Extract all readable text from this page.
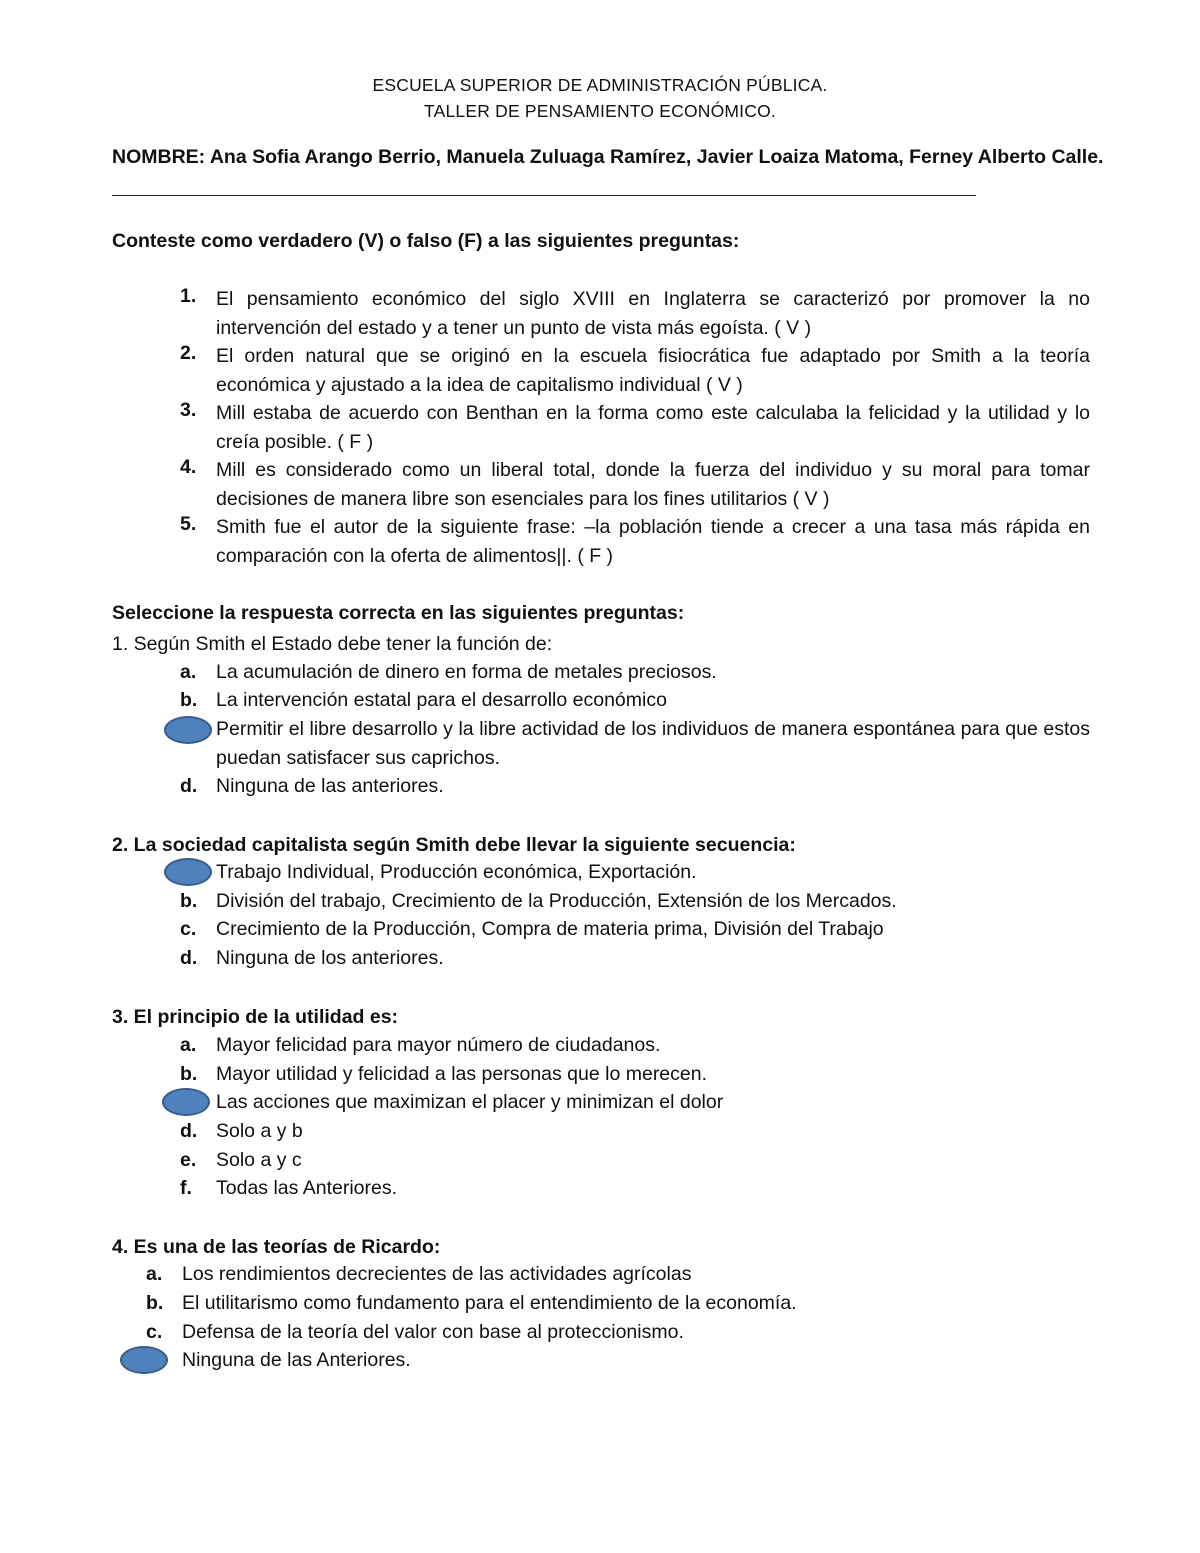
ESCUELA SUPERIOR DE ADMINISTRACIÓN PÚBLICA.
TALLER DE PENSAMIENTO ECONÓMICO.
NOMBRE: Ana Sofia Arango Berrio, Manuela Zuluaga Ramírez, Javier Loaiza Matoma, Ferney Alberto Calle.
Conteste como verdadero (V) o falso (F) a las siguientes preguntas:
1. El pensamiento económico del siglo XVIII en Inglaterra se caracterizó por promover la no intervención del estado y a tener un punto de vista más egoísta. ( V )
2. El orden natural que se originó en la escuela fisiocrática fue adaptado por Smith a la teoría económica y ajustado a la idea de capitalismo individual ( V )
3. Mill estaba de acuerdo con Benthan en la forma como este calculaba la felicidad y la utilidad y lo creía posible. ( F )
4. Mill es considerado como un liberal total, donde la fuerza del individuo y su moral para tomar decisiones de manera libre son esenciales para los fines utilitarios ( V )
5. Smith fue el autor de la siguiente frase: –la población tiende a crecer a una tasa más rápida en comparación con la oferta de alimentos||. ( F )
Seleccione la respuesta correcta en las siguientes preguntas:
1. Según Smith el Estado debe tener la función de:
a. La acumulación de dinero en forma de metales preciosos.
b. La intervención estatal para el desarrollo económico
Permitir el libre desarrollo y la libre actividad de los individuos de manera espontánea para que estos puedan satisfacer sus caprichos.
d. Ninguna de las anteriores.
2. La sociedad capitalista según Smith debe llevar la siguiente secuencia:
Trabajo Individual, Producción económica, Exportación.
b. División del trabajo, Crecimiento de la Producción, Extensión de los Mercados.
c. Crecimiento de la Producción, Compra de materia prima, División del Trabajo
d. Ninguna de los anteriores.
3. El principio de la utilidad es:
a. Mayor felicidad para mayor número de ciudadanos.
b. Mayor utilidad y felicidad a las personas que lo merecen.
Las acciones que maximizan el placer y minimizan el dolor
d. Solo a y b
e. Solo a y c
f. Todas las Anteriores.
4. Es una de las teorías de Ricardo:
a. Los rendimientos decrecientes de las actividades agrícolas
b. El utilitarismo como fundamento para el entendimiento de la economía.
c. Defensa de la teoría del valor con base al proteccionismo.
Ninguna de las Anteriores.
